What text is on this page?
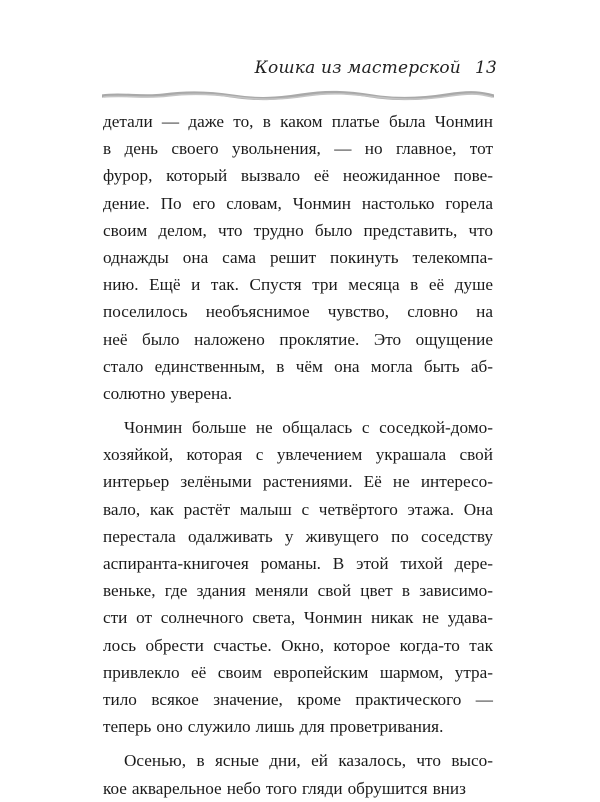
Кошка из мастерской 13
детали — даже то, в каком платье была Чонмин
в день своего увольнения, — но главное, тот
фурор, который вызвало её неожиданное пове-
дение. По его словам, Чонмин настолько горела
своим делом, что трудно было представить, что
однажды она сама решит покинуть телекомпа-
нию. Ещё и так. Спустя три месяца в её душе
поселилось необъяснимое чувство, словно на
неё было наложено проклятие. Это ощущение
стало единственным, в чём она могла быть аб-
солютно уверена.
Чонмин больше не общалась с соседкой-домо-
хозяйкой, которая с увлечением украшала свой
интерьер зелёными растениями. Её не интересо-
вало, как растёт малыш с четвёртого этажа. Она
перестала одалживать у живущего по соседству
аспиранта-книгочея романы. В этой тихой дере-
веньке, где здания меняли свой цвет в зависимо-
сти от солнечного света, Чонмин никак не удава-
лось обрести счастье. Окно, которое когда-то так
привлекло её своим европейским шармом, утра-
тило всякое значение, кроме практического —
теперь оно служило лишь для проветривания.
Осенью, в ясные дни, ей казалось, что высо-
кое акварельное небо того гляди обрушится вниз
